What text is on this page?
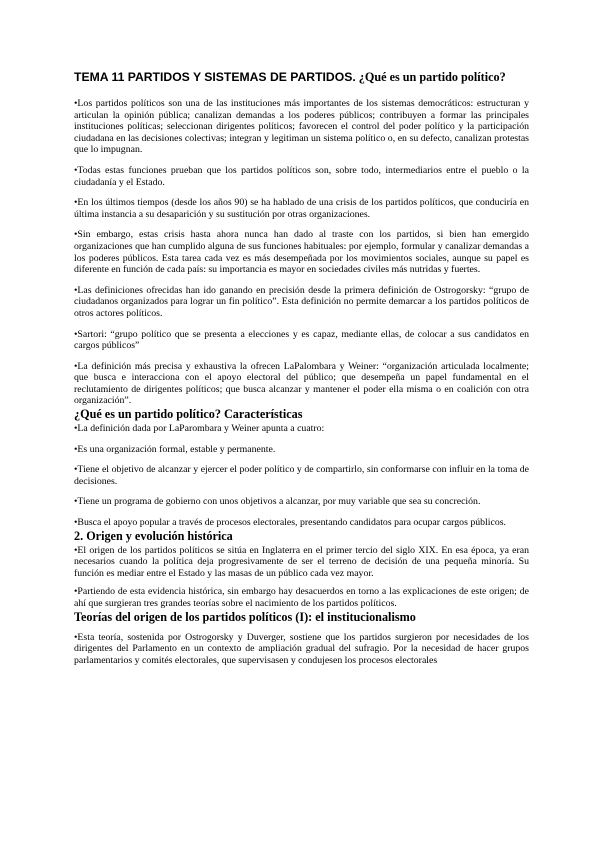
TEMA 11 PARTIDOS Y SISTEMAS DE PARTIDOS. ¿Qué es un partido político?

•Los partidos políticos son una de las instituciones más importantes de los sistemas democráticos: estructuran y articulan la opinión pública; canalizan demandas a los poderes públicos; contribuyen a formar las principales instituciones políticas; seleccionan dirigentes políticos; favorecen el control del poder político y la participación ciudadana en las decisiones colectivas; integran y legitiman un sistema político o, en su defecto, canalizan protestas que lo impugnan.

•Todas estas funciones prueban que los partidos políticos son, sobre todo, intermediarios entre el pueblo o la ciudadanía y el Estado.

•En los últimos tiempos (desde los años 90) se ha hablado de una crisis de los partidos políticos, que conduciría en última instancia a su desaparición y su sustitución por otras organizaciones.

•Sin embargo, estas crisis hasta ahora nunca han dado al traste con los partidos, si bien han emergido organizaciones que han cumplido alguna de sus funciones habituales: por ejemplo, formular y canalizar demandas a los poderes públicos. Esta tarea cada vez es más desempeñada por los movimientos sociales, aunque su papel es diferente en función de cada país: su importancia es mayor en sociedades civiles más nutridas y fuertes.

•Las definiciones ofrecidas han ido ganando en precisión desde la primera definición de Ostrogorsky: “grupo de ciudadanos organizados para lograr un fin político”. Esta definición no permite demarcar a los partidos políticos de otros actores políticos.

•Sartori: “grupo político que se presenta a elecciones y es capaz, mediante ellas, de colocar a sus candidatos en cargos públicos”

•La definición más precisa y exhaustiva la ofrecen LaPalombara y Weiner: “organización articulada localmente; que busca e interacciona con el apoyo electoral del público; que desempeña un papel fundamental en el reclutamiento de dirigentes políticos; que busca alcanzar y mantener el poder ella misma o en coalición con otra organización”.

¿Qué es un partido político? Características

•La definición dada por LaParombara y Weiner apunta a cuatro:

•Es una organización formal, estable y permanente.

•Tiene el objetivo de alcanzar y ejercer el poder político y de compartirlo, sin conformarse con influir en la toma de decisiones.

•Tiene un programa de gobierno con unos objetivos a alcanzar, por muy variable que sea su concreción.

•Busca el apoyo popular a través de procesos electorales, presentando candidatos para ocupar cargos públicos.

2. Origen y evolución histórica

•El origen de los partidos políticos se sitúa en Inglaterra en el primer tercio del siglo XIX. En esa época, ya eran necesarios cuando la política deja progresivamente de ser el terreno de decisión de una pequeña minoría. Su función es mediar entre el Estado y las masas de un público cada vez mayor.

•Partiendo de esta evidencia histórica, sin embargo hay desacuerdos en torno a las explicaciones de este origen; de ahí que surgieran tres grandes teorías sobre el nacimiento de los partidos políticos.

Teorías del origen de los partidos políticos (I): el institucionalismo

•Esta teoría, sostenida por Ostrogorsky y Duverger, sostiene que los partidos surgieron por necesidades de los dirigentes del Parlamento en un contexto de ampliación gradual del sufragio. Por la necesidad de hacer grupos parlamentarios y comités electorales, que supervisasen y condujesen los procesos electorales
